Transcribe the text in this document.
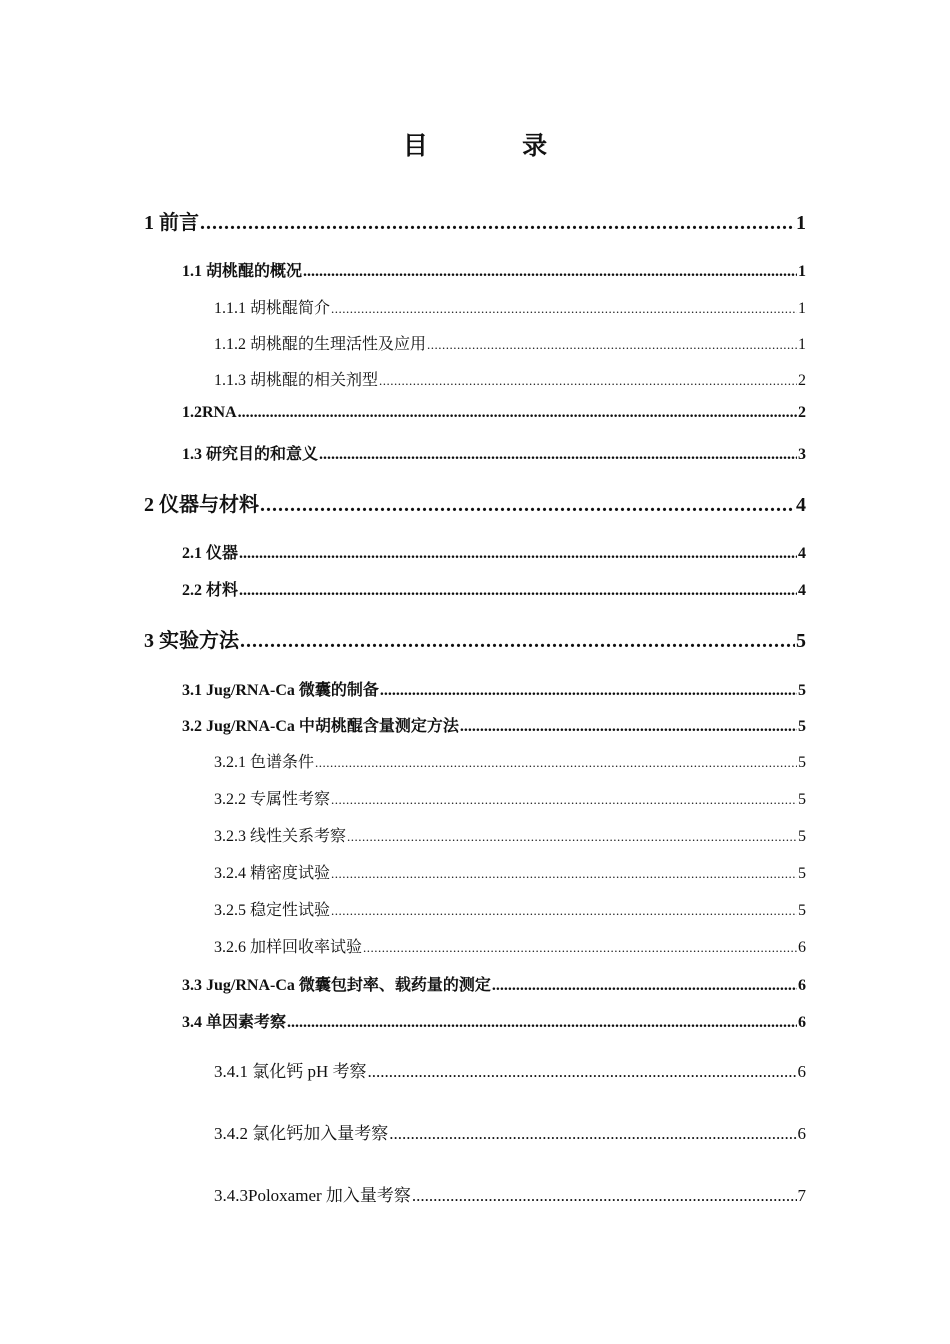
目 录
1 前言 .....	1
1.1 胡桃醌的概况 .....	1
1.1.1 胡桃醌简介 .....	1
1.1.2 胡桃醌的生理活性及应用 .....	1
1.1.3 胡桃醌的相关剂型 .....	2
1.2RNA .....	2
1.3 研究目的和意义 .....	3
2 仪器与材料 .....	4
2.1 仪器 .....	4
2.2 材料 .....	4
3 实验方法 .....	5
3.1 Jug/RNA-Ca 微囊的制备 .....	5
3.2 Jug/RNA-Ca 中胡桃醌含量测定方法 .....	5
3.2.1 色谱条件 .....	5
3.2.2 专属性考察 .....	5
3.2.3 线性关系考察 .....	5
3.2.4 精密度试验 .....	5
3.2.5 稳定性试验 .....	5
3.2.6 加样回收率试验 .....	6
3.3 Jug/RNA-Ca 微囊包封率、载药量的测定 .....	6
3.4 单因素考察 .....	6
3.4.1 氯化钙 pH 考察 .....	6
3.4.2 氯化钙加入量考察 .....	6
3.4.3Poloxamer 加入量考察 .....	7
